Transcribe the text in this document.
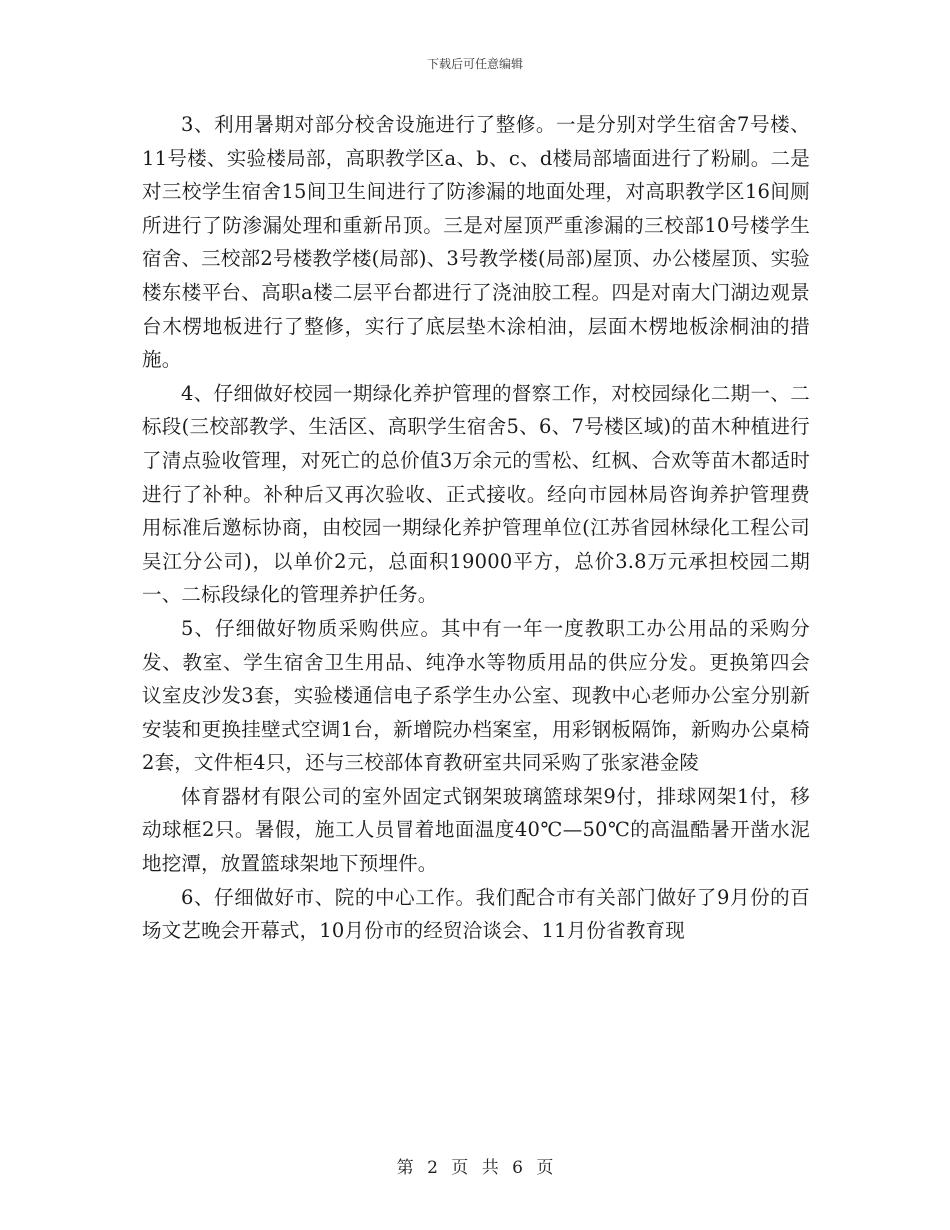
下载后可任意编辑

3、利用暑期对部分校舍设施进行了整修。一是分别对学生宿舍7号楼、11号楼、实验楼局部，高职教学区a、b、c、d楼局部墙面进行了粉刷。二是对三校学生宿舍15间卫生间进行了防渗漏的地面处理，对高职教学区16间厕所进行了防渗漏处理和重新吊顶。三是对屋顶严重渗漏的三校部10号楼学生宿舍、三校部2号楼教学楼(局部)、3号教学楼(局部)屋顶、办公楼屋顶、实验楼东楼平台、高职a楼二层平台都进行了浇油胶工程。四是对南大门湖边观景台木楞地板进行了整修，实行了底层垫木涂柏油，层面木楞地板涂桐油的措施。

4、仔细做好校园一期绿化养护管理的督察工作，对校园绿化二期一、二标段(三校部教学、生活区、高职学生宿舍5、6、7号楼区域)的苗木种植进行了清点验收管理，对死亡的总价值3万余元的雪松、红枫、合欢等苗木都适时进行了补种。补种后又再次验收、正式接收。经向市园林局咨询养护管理费用标准后邀标协商，由校园一期绿化养护管理单位(江苏省园林绿化工程公司吴江分公司)，以单价2元，总面积19000平方，总价3.8万元承担校园二期一、二标段绿化的管理养护任务。

5、仔细做好物质采购供应。其中有一年一度教职工办公用品的采购分发、教室、学生宿舍卫生用品、纯净水等物质用品的供应分发。更换第四会议室皮沙发3套，实验楼通信电子系学生办公室、现教中心老师办公室分别新安装和更换挂壁式空调1台，新增院办档案室，用彩钢板隔饰，新购办公桌椅2套，文件柜4只，还与三校部体育教研室共同采购了张家港金陵

体育器材有限公司的室外固定式钢架玻璃篮球架9付，排球网架1付，移动球框2只。暑假，施工人员冒着地面温度40℃—50℃的高温酷暑开凿水泥地挖潭，放置篮球架地下预埋件。

6、仔细做好市、院的中心工作。我们配合市有关部门做好了9月份的百场文艺晚会开幕式，10月份市的经贸洽谈会、11月份省教育现

第 2 页 共 6 页
